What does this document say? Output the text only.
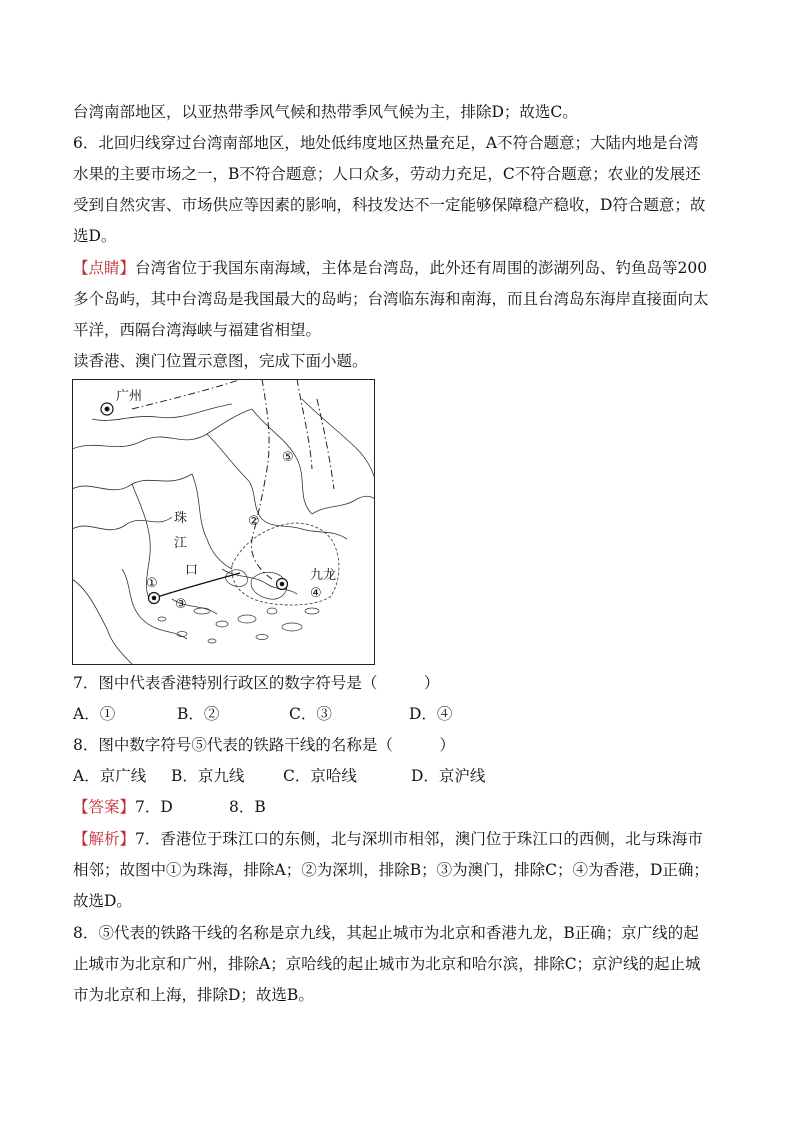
台湾南部地区，以亚热带季风气候和热带季风气候为主，排除D；故选C。
6．北回归线穿过台湾南部地区，地处低纬度地区热量充足，A不符合题意；大陆内地是台湾
水果的主要市场之一，B不符合题意；人口众多，劳动力充足，C不符合题意；农业的发展还
受到自然灾害、市场供应等因素的影响，科技发达不一定能够保障稳产稳收，D符合题意；故
选D。
【点睛】台湾省位于我国东南海域，主体是台湾岛，此外还有周围的澎湖列岛、钓鱼岛等200
多个岛屿，其中台湾岛是我国最大的岛屿；台湾临东海和南海，而且台湾岛东海岸直接面向太
平洋，西隔台湾海峡与福建省相望。
读香港、澳门位置示意图，完成下面小题。
广州
珠
江
口	九龙
①
②
③
④
⑤
7．图中代表香港特别行政区的数字符号是（　　　）
A．①	B．②	C．③	D．④
8．图中数字符号⑤代表的铁路干线的名称是（　　　）
A．京广线 B．京九线 C．京哈线	D．京沪线
【答案】7．D	8．B
【解析】7．香港位于珠江口的东侧，北与深圳市相邻，澳门位于珠江口的西侧，北与珠海市
相邻；故图中①为珠海，排除A；②为深圳，排除B；③为澳门，排除C；④为香港，D正确；
故选D。
8．⑤代表的铁路干线的名称是京九线，其起止城市为北京和香港九龙，B正确；京广线的起
止城市为北京和广州，排除A；京哈线的起止城市为北京和哈尔滨，排除C；京沪线的起止城
市为北京和上海，排除D；故选B。
